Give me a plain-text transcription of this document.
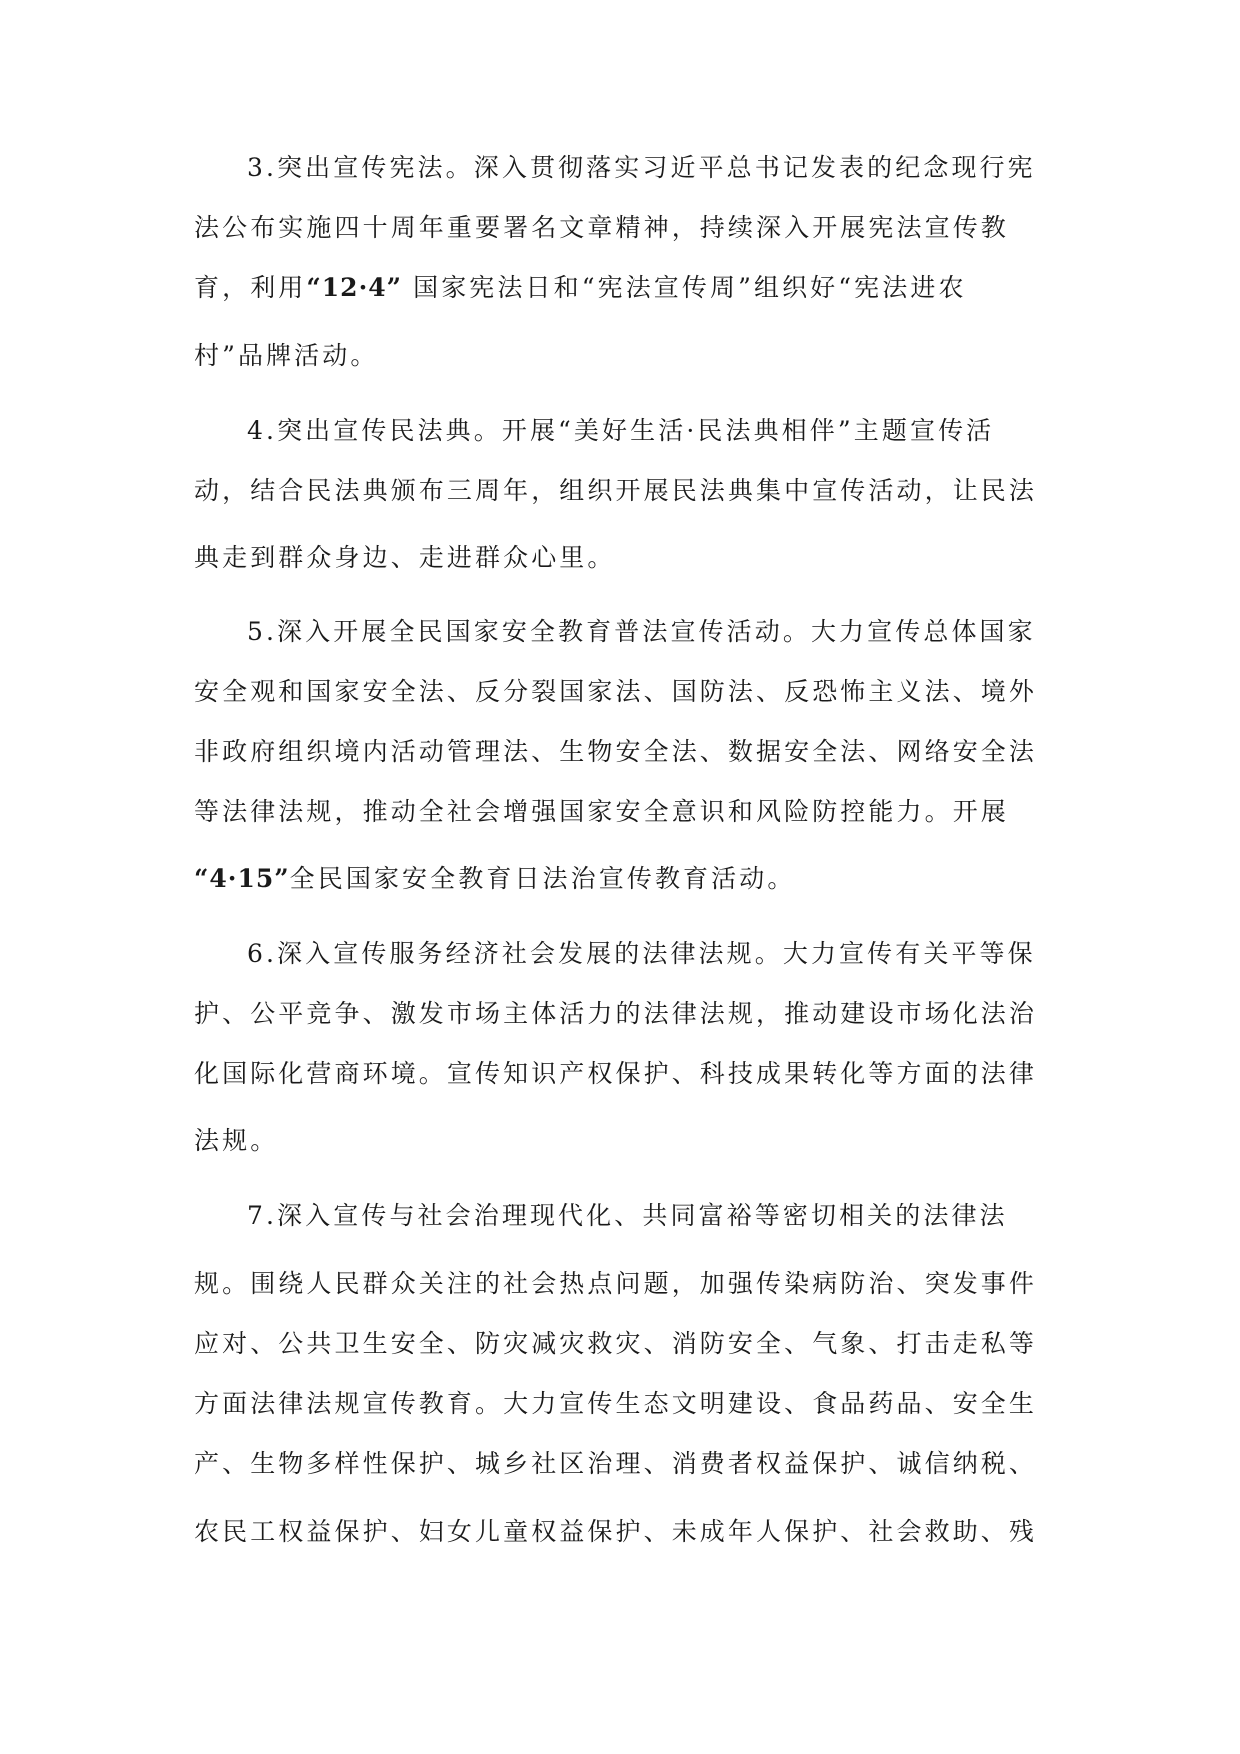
3.突出宣传宪法。深入贯彻落实习近平总书记发表的纪念现行宪
法公布实施四十周年重要署名文章精神，持续深入开展宪法宣传教
育，利用“12·4” 国家宪法日和“宪法宣传周”组织好“宪法进农
村”品牌活动。
4.突出宣传民法典。开展“美好生活·民法典相伴”主题宣传活
动，结合民法典颁布三周年，组织开展民法典集中宣传活动，让民法
典走到群众身边、走进群众心里。
5.深入开展全民国家安全教育普法宣传活动。大力宣传总体国家
安全观和国家安全法、反分裂国家法、国防法、反恐怖主义法、境外
非政府组织境内活动管理法、生物安全法、数据安全法、网络安全法
等法律法规，推动全社会增强国家安全意识和风险防控能力。开展
“4·15”全民国家安全教育日法治宣传教育活动。
6.深入宣传服务经济社会发展的法律法规。大力宣传有关平等保
护、公平竞争、激发市场主体活力的法律法规，推动建设市场化法治
化国际化营商环境。宣传知识产权保护、科技成果转化等方面的法律
法规。
7.深入宣传与社会治理现代化、共同富裕等密切相关的法律法
规。围绕人民群众关注的社会热点问题，加强传染病防治、突发事件
应对、公共卫生安全、防灾减灾救灾、消防安全、气象、打击走私等
方面法律法规宣传教育。大力宣传生态文明建设、食品药品、安全生
产、生物多样性保护、城乡社区治理、消费者权益保护、诚信纳税、
农民工权益保护、妇女儿童权益保护、未成年人保护、社会救助、残
